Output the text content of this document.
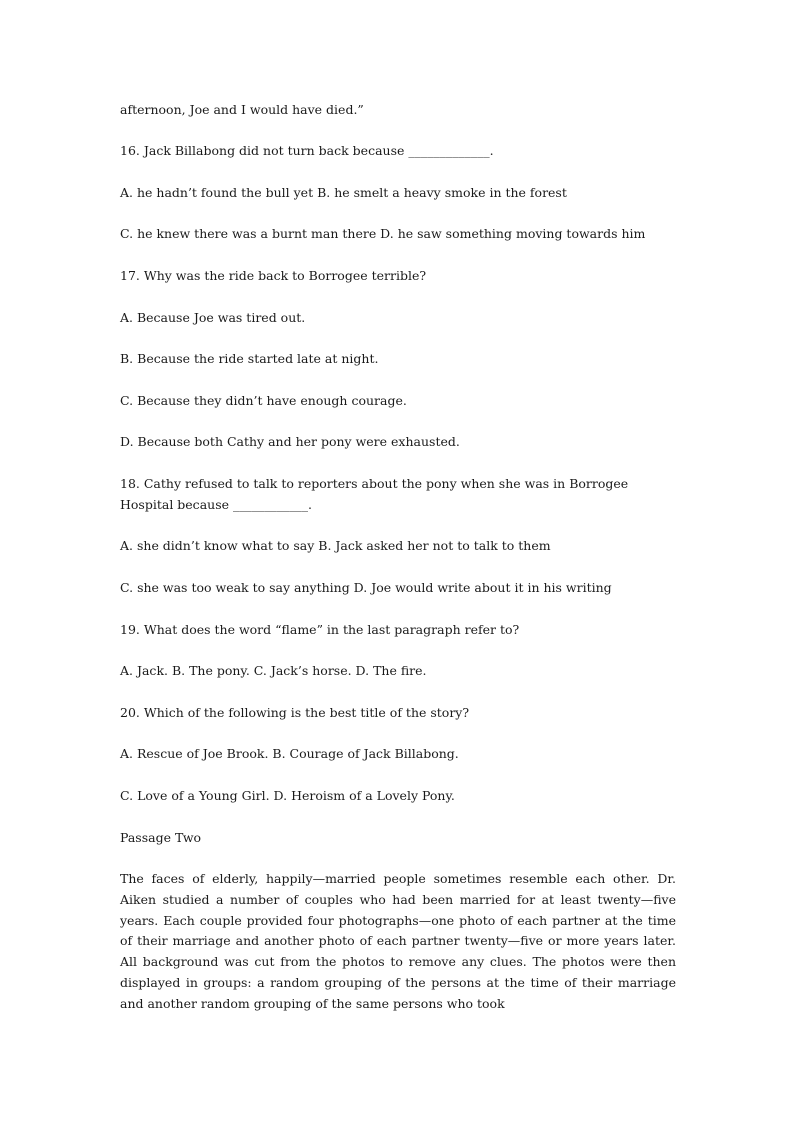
afternoon, Joe and I would have died.”
16. Jack Billabong did not turn back because _____________.
A. he hadn’t found the bull yet B. he smelt a heavy smoke in the forest
C. he knew there was a burnt man there D. he saw something moving towards him
17. Why was the ride back to Borrogee terrible?
A. Because Joe was tired out.
B. Because the ride started late at night.
C. Because they didn’t have enough courage.
D. Because both Cathy and her pony were exhausted.
18. Cathy refused to talk to reporters about the pony when she was in Borrogee
Hospital because ____________.
A. she didn’t know what to say B. Jack asked her not to talk to them
C. she was too weak to say anything D. Joe would write about it in his writing
19. What does the word “flame” in the last paragraph refer to?
A. Jack. B. The pony. C. Jack’s horse. D. The fire.
20. Which of the following is the best title of the story?
A. Rescue of Joe Brook. B. Courage of Jack Billabong.
C. Love of a Young Girl. D. Heroism of a Lovely Pony.
Passage Two
The faces of elderly, happily—married people sometimes resemble each other. Dr. Aiken studied a number of couples who had been married for at least twenty—five years. Each couple provided four photographs—one photo of each partner at the time of their marriage and another photo of each partner twenty—five or more years later. All background was cut from the photos to remove any clues. The photos were then displayed in groups: a random grouping of the persons at the time of their marriage and another random grouping of the same persons who took
